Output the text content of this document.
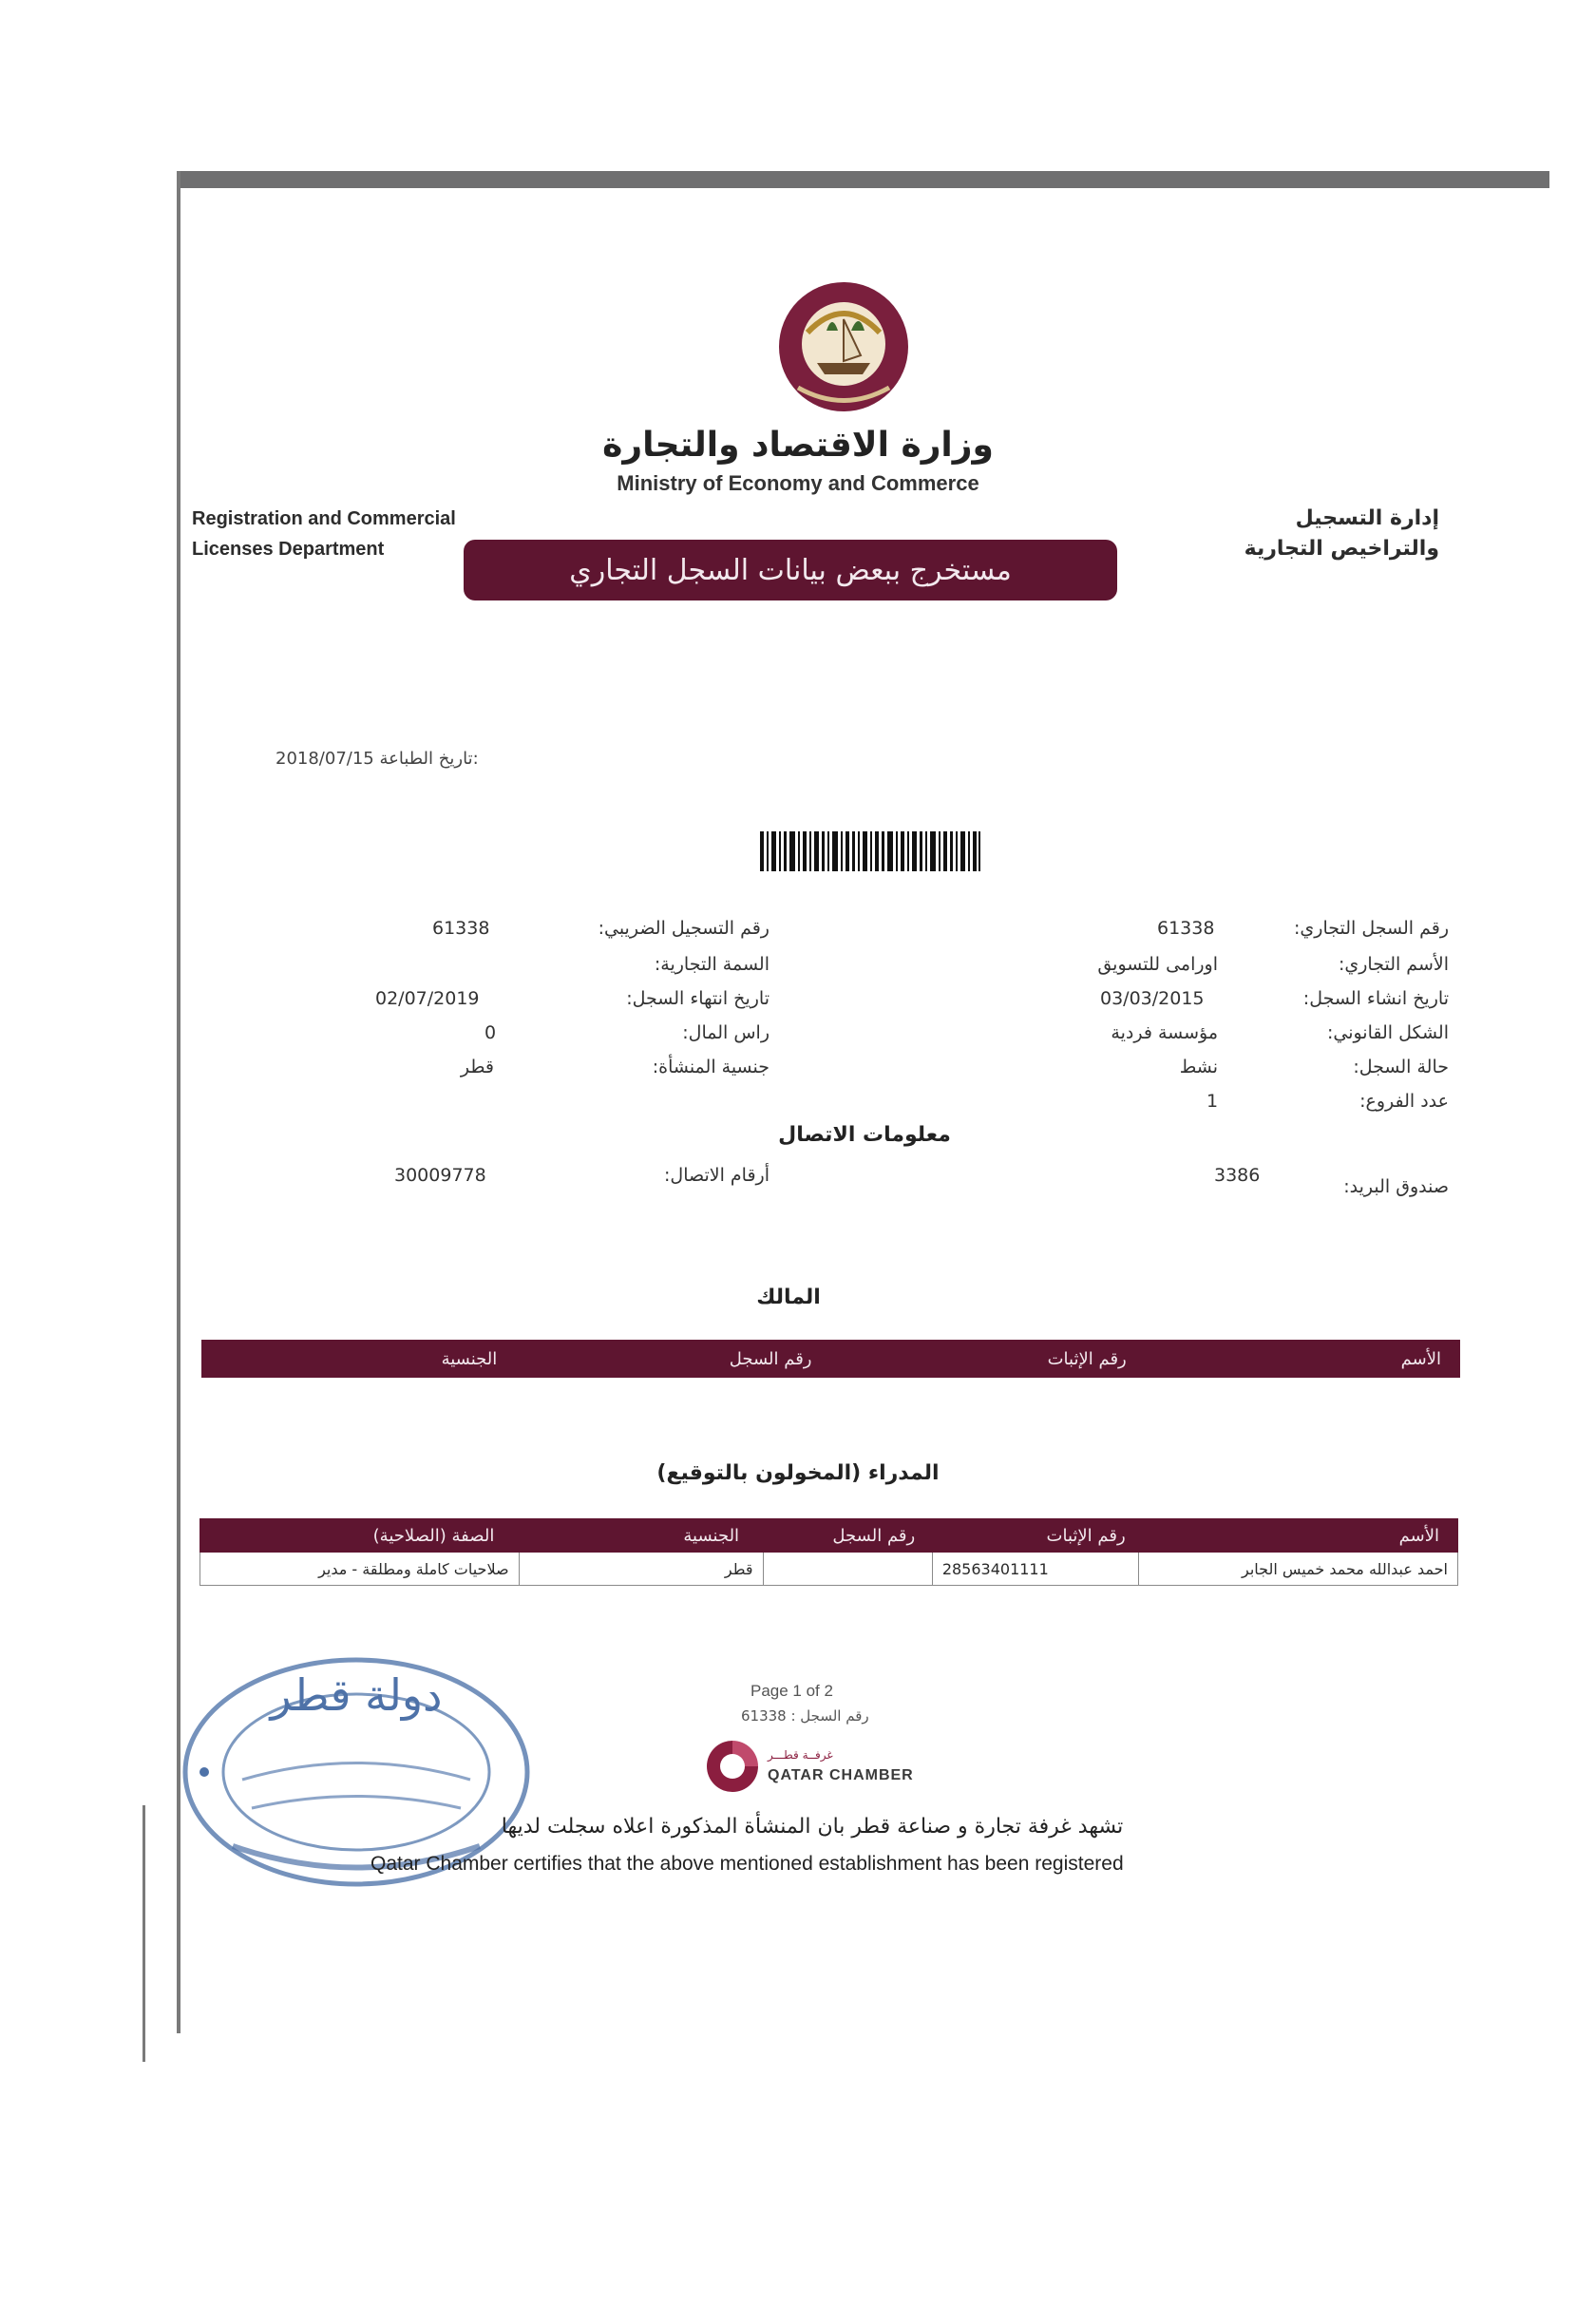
وزارة الاقتصاد والتجارة
Ministry of Economy and Commerce
Registration and Commercial
Licenses Department
إدارة التسجيل
والتراخيص التجارية
مستخرج ببعض بيانات السجل التجاري
2018/07/15 تاريخ الطباعة:
رقم السجل التجاري:
61338
الأسم التجاري:
اورامى للتسويق
تاريخ انشاء السجل:
03/03/2015
الشكل القانوني:
مؤسسة فردية
حالة السجل:
نشط
عدد الفروع:
1
رقم التسجيل الضريبي:
61338
السمة التجارية:
تاريخ انتهاء السجل:
02/07/2019
راس المال:
0
جنسية المنشأة:
قطر
معلومات الاتصال
صندوق البريد:
3386
أرقام الاتصال:
30009778
المالك
الأسم
رقم الإثبات
رقم السجل
الجنسية
المدراء (المخولون بالتوقيع)
الأسم
رقم الإثبات
رقم السجل
الجنسية
الصفة (الصلاحية)
احمد عبدالله محمد خميس الجابر
28563401111
قطر
صلاحيات كاملة ومطلقة - مدير
دولة قطر	Page 1 of 2
رقم السجل : 61338
غرفــة قطـــر
QATAR CHAMBER
تشهد غرفة تجارة و صناعة قطر بان المنشأة المذكورة اعلاه سجلت لديها
Qatar Chamber certifies that the above mentioned establishment has been registered
